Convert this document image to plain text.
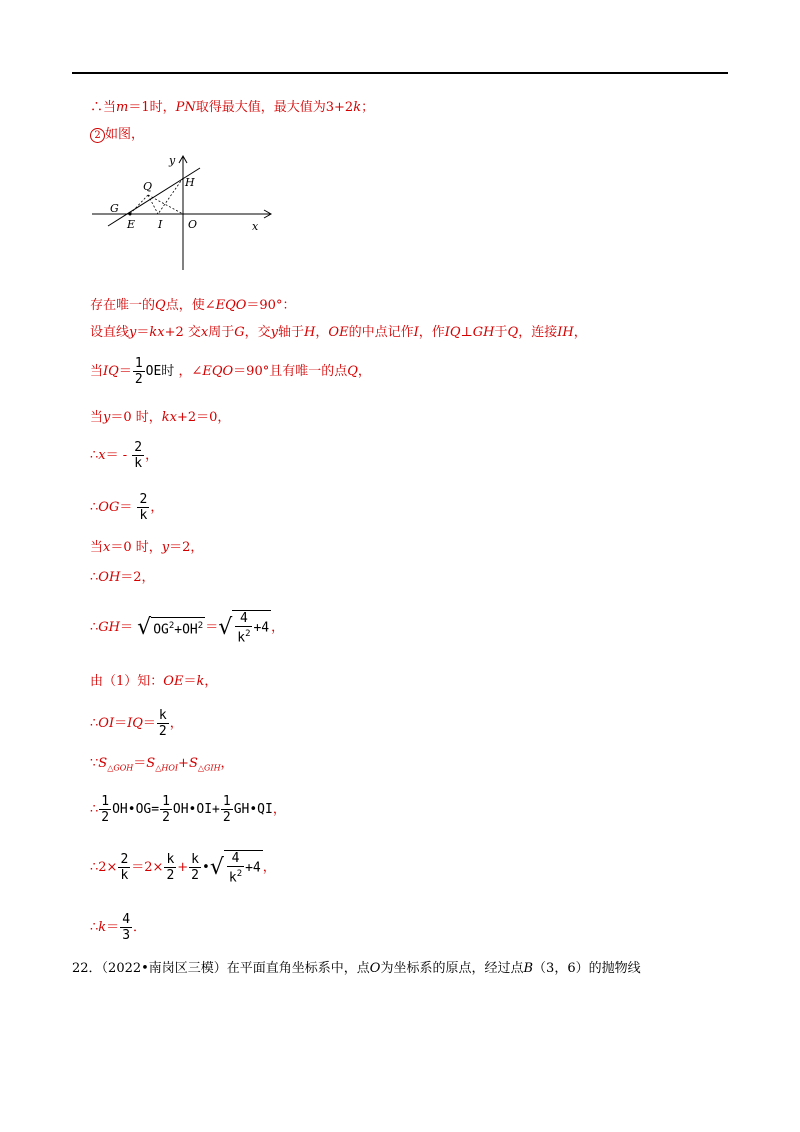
∴当m＝1时，PN取得最大值，最大值为3+2k；
2 如图，
y
x
Q	H
G
E I O
存在唯一的Q点，使∠EQO＝90°：
设直线y＝kx+2 交x周于G，交y轴于H，OE的中点记作I，作IQ⊥GH于Q，连接IH，
当$IQ= \frac{1}{2}$ OE时 ，∠EQO＝90°且有唯一的点Q，
当y＝0 时，kx+2＝0，
∴x＝ - $\frac{2}{k}$ ，
∴OG＝ $\frac{2}{k}$ ，
当x＝0 时，y＝2，
∴OH＝2，
∴GH＝ √ $OG^2+OH^2$ ＝√ $\frac{4}{k^2} +4$ ，
由（1）知：OE＝k，
∴OI＝IQ＝ $\frac{k}{2}$ ，
$\because S_{\triangle GOH}=S_{\triangle HOI}+S_{\triangle GIH}$，
∴ $\frac{1}{2}$ OH•OG= $\frac{1}{2}$ OH•OI+ $\frac{1}{2}$ GH•QI，
∴2× $\frac{2}{k} =2\times \frac{k}{2} + \frac{k}{2}$ •√ $\frac{4}{k^2} +4$ ，
∴k＝ $\frac{4}{3}$ ．
22．（2022•南岗区三模）在平面直角坐标系中，点O为坐标系的原点，经过点B（3，6）的抛物线
